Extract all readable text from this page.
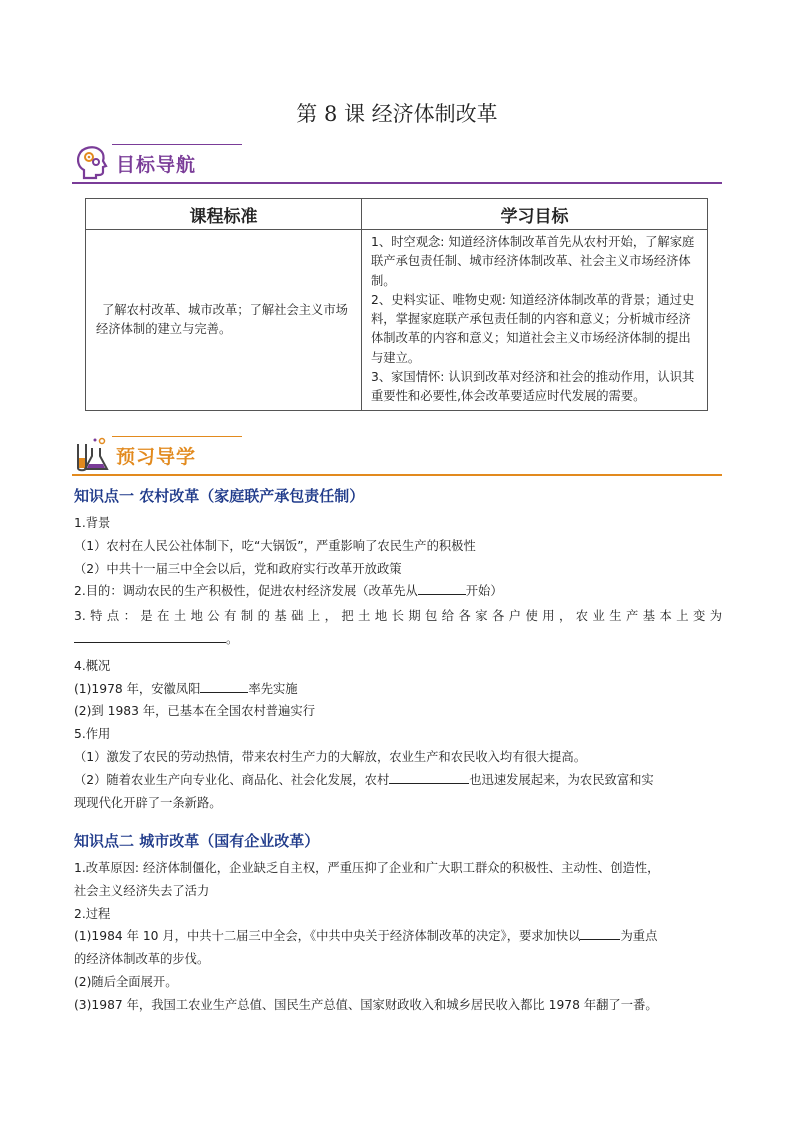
第 8 课 经济体制改革
目标导航
课程标准	学习目标
了解农村改革、城市改革；了解社会主义市场经济体制的建立与完善。	1、时空观念: 知道经济体制改革首先从农村开始，了解家庭联产承包责任制、城市经济体制改革、社会主义市场经济体制。
2、史料实证、唯物史观: 知道经济体制改革的背景；通过史料，掌握家庭联产承包责任制的内容和意义；分析城市经济体制改革的内容和意义；知道社会主义市场经济体制的提出与建立。
3、家国情怀: 认识到改革对经济和社会的推动作用，认识其重要性和必要性,体会改革要适应时代发展的需要。
预习导学
知识点一 农村改革（家庭联产承包责任制）

1.背景

（1）农村在人民公社体制下，吃“大锅饭”，严重影响了农民生产的积极性

（2）中共十一届三中全会以后，党和政府实行改革开放政策

2.目的：调动农民的生产积极性，促进农村经济发展（改革先从	开始）

3.特点：是在土地公有制的基础上，把土地长期包给各家各户使用，农业生产基本上变为

。

4.概况

(1)1978 年，安徽凤阳	率先实施

(2)到 1983 年，已基本在全国农村普遍实行

5.作用

（1）激发了农民的劳动热情，带来农村生产力的大解放，农业生产和农民收入均有很大提高。

（2）随着农业生产向专业化、商品化、社会化发展，农村	也迅速发展起来，为农民致富和实

现现代化开辟了一条新路。

知识点二 城市改革（国有企业改革）

1.改革原因: 经济体制僵化，企业缺乏自主权，严重压抑了企业和广大职工群众的积极性、主动性、创造性，

社会主义经济失去了活力

2.过程

(1)1984 年 10 月，中共十二届三中全会，《中共中央关于经济体制改革的决定》，要求加快以	为重点

的经济体制改革的步伐。

(2)随后全面展开。

(3)1987 年，我国工农业生产总值、国民生产总值、国家财政收入和城乡居民收入都比 1978 年翻了一番。
